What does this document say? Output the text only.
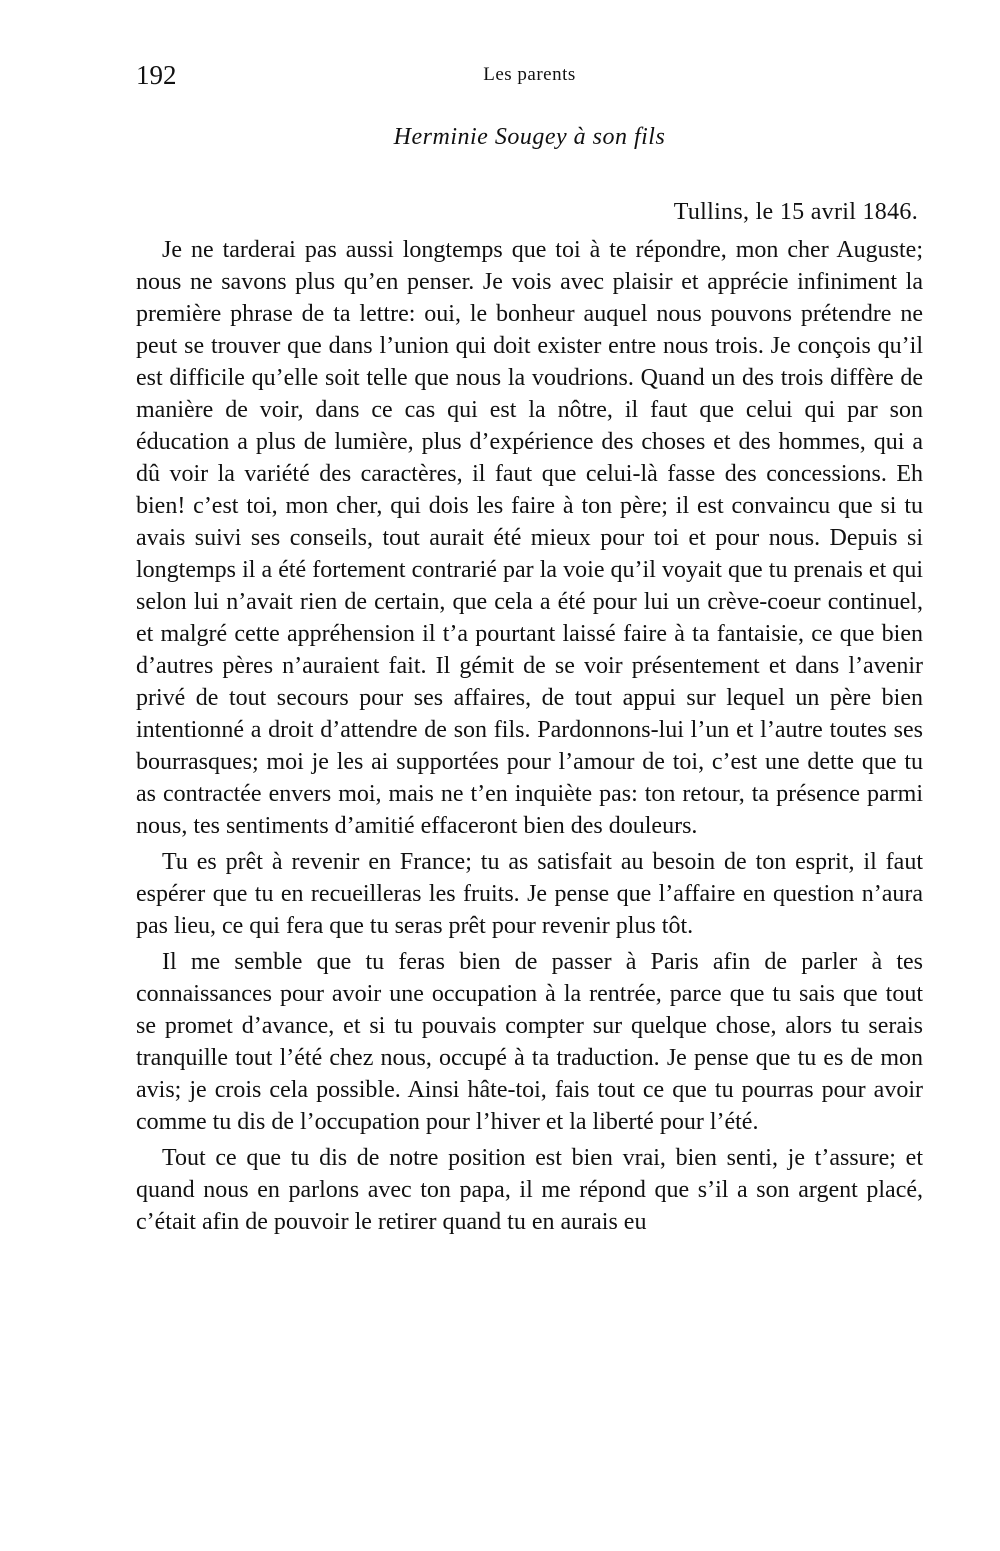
192	Les parents
Herminie Sougey à son fils
Tullins, le 15 avril 1846.

Je ne tarderai pas aussi longtemps que toi à te répondre, mon cher Auguste; nous ne savons plus qu’en penser. Je vois avec plaisir et apprécie infiniment la première phrase de ta lettre: oui, le bonheur auquel nous pouvons prétendre ne peut se trouver que dans l’union qui doit exister entre nous trois. Je conçois qu’il est difficile qu’elle soit telle que nous la voudrions. Quand un des trois diffère de manière de voir, dans ce cas qui est la nôtre, il faut que celui qui par son éducation a plus de lumière, plus d’expérience des choses et des hommes, qui a dû voir la variété des caractères, il faut que celui-là fasse des concessions. Eh bien! c’est toi, mon cher, qui dois les faire à ton père; il est convaincu que si tu avais suivi ses conseils, tout aurait été mieux pour toi et pour nous. Depuis si longtemps il a été fortement contrarié par la voie qu’il voyait que tu prenais et qui selon lui n’avait rien de certain, que cela a été pour lui un crève-coeur continuel, et malgré cette appréhension il t’a pourtant laissé faire à ta fantaisie, ce que bien d’autres pères n’auraient fait. Il gémit de se voir présentement et dans l’avenir privé de tout secours pour ses affaires, de tout appui sur lequel un père bien intentionné a droit d’attendre de son fils. Pardonnons-lui l’un et l’autre toutes ses bourrasques; moi je les ai supportées pour l’amour de toi, c’est une dette que tu as contractée envers moi, mais ne t’en inquiète pas: ton retour, ta présence parmi nous, tes sentiments d’amitié effaceront bien des douleurs.

Tu es prêt à revenir en France; tu as satisfait au besoin de ton esprit, il faut espérer que tu en recueilleras les fruits. Je pense que l’affaire en question n’aura pas lieu, ce qui fera que tu seras prêt pour revenir plus tôt.

Il me semble que tu feras bien de passer à Paris afin de parler à tes connaissances pour avoir une occupation à la rentrée, parce que tu sais que tout se promet d’avance, et si tu pouvais compter sur quelque chose, alors tu serais tranquille tout l’été chez nous, occupé à ta traduction. Je pense que tu es de mon avis; je crois cela possible. Ainsi hâte-toi, fais tout ce que tu pourras pour avoir comme tu dis de l’occupation pour l’hiver et la liberté pour l’été.

Tout ce que tu dis de notre position est bien vrai, bien senti, je t’assure; et quand nous en parlons avec ton papa, il me répond que s’il a son argent placé, c’était afin de pouvoir le retirer quand tu en aurais eu
